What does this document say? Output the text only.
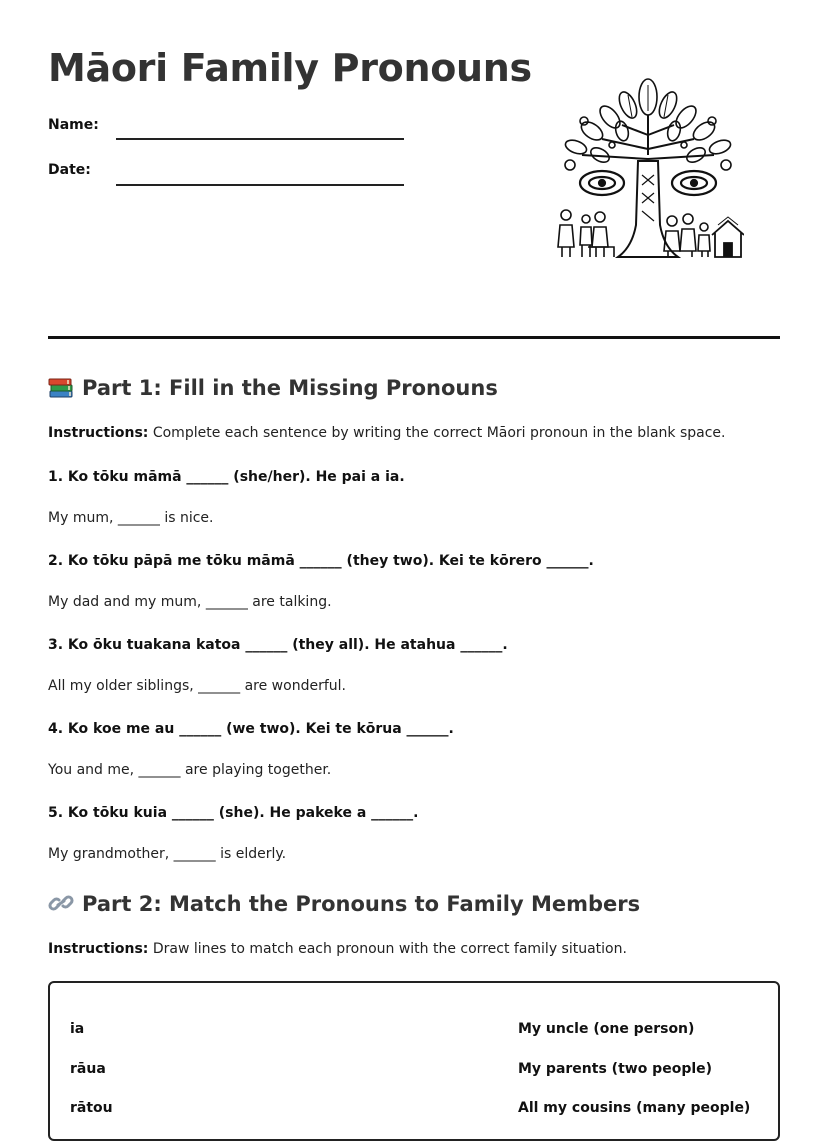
Māori Family Pronouns
Name:
Date:
Part 1: Fill in the Missing Pronouns
Instructions: Complete each sentence by writing the correct Māori pronoun in the blank space.
1. Ko tōku māmā ______ (she/her). He pai a ia.
My mum, ______ is nice.
2. Ko tōku pāpā me tōku māmā ______ (they two). Kei te kōrero ______.
My dad and my mum, ______ are talking.
3. Ko ōku tuakana katoa ______ (they all). He atahua ______.
All my older siblings, ______ are wonderful.
4. Ko koe me au ______ (we two). Kei te kōrua ______.
You and me, ______ are playing together.
5. Ko tōku kuia ______ (she). He pakeke a ______.
My grandmother, ______ is elderly.
Part 2: Match the Pronouns to Family Members
Instructions: Draw lines to match each pronoun with the correct family situation.
ia	My uncle (one person)
rāua	My parents (two people)
rātou	All my cousins (many people)
